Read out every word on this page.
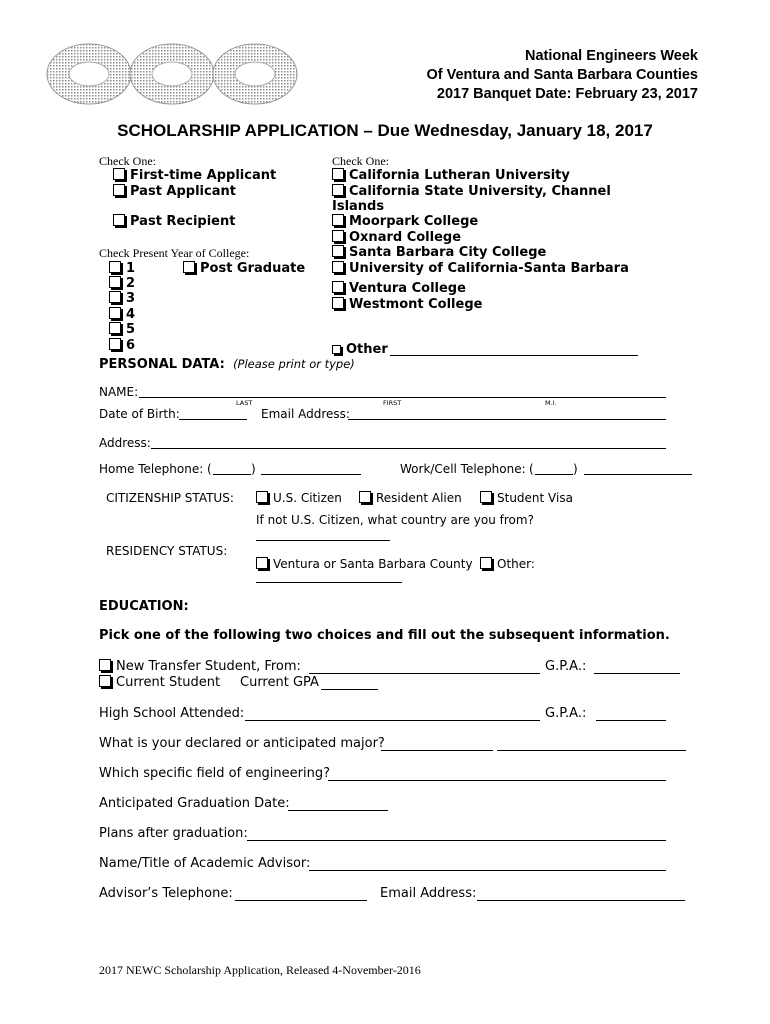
National Engineers Week
Of Ventura and Santa Barbara Counties
2017 Banquet Date: February 23, 2017
SCHOLARSHIP APPLICATION – Due Wednesday, January 18, 2017
Check One:
First-time Applicant
Past Applicant
Past Recipient
Check Present Year of College:
1	Post Graduate
2
3
4
5
6
Check One:
California Lutheran University
California State University, Channel
Islands
Moorpark College
Oxnard College
Santa Barbara City College
University of California-Santa Barbara
Ventura College
Westmont College
Other
PERSONAL DATA: (Please print or type)
NAME:
LAST	FIRST	M.I.
Date of Birth:	Email Address:
Address:
Home Telephone: (	)	Work/Cell Telephone: (	)
CITIZENSHIP STATUS:	U.S. Citizen	Resident Alien	Student Visa
If not U.S. Citizen, what country are you from?
RESIDENCY STATUS:
Ventura or Santa Barbara County	Other:
EDUCATION:
Pick one of the following two choices and fill out the subsequent information.
New Transfer Student, From:	G.P.A.:
Current Student Current GPA
High School Attended:	G.P.A.:
What is your declared or anticipated major?
Which specific field of engineering?
Anticipated Graduation Date:
Plans after graduation:
Name/Title of Academic Advisor:
Advisor’s Telephone:	Email Address:
2017 NEWC Scholarship Application, Released 4-November-2016
